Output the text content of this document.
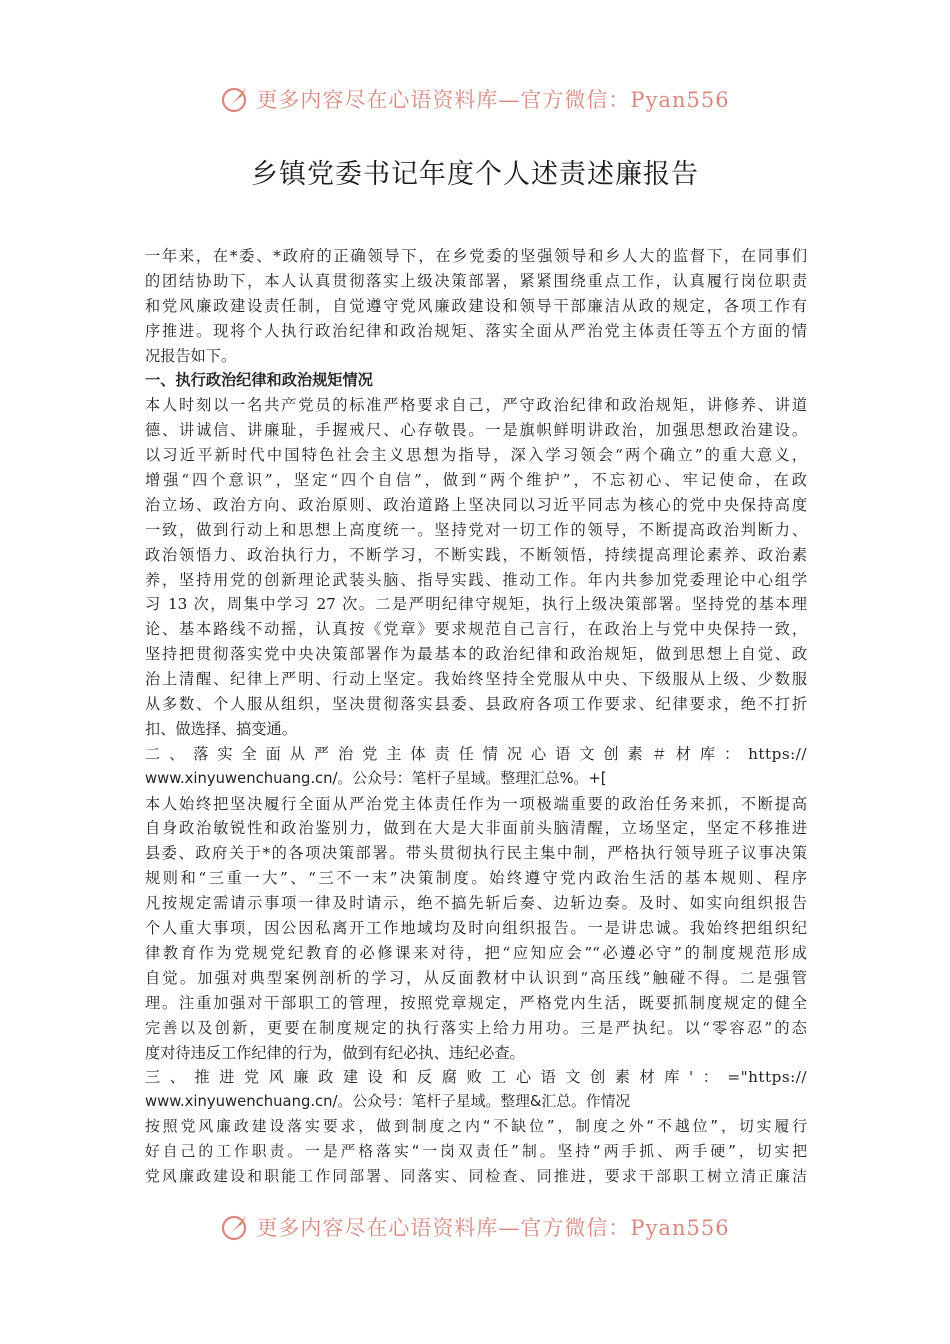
更多内容尽在心语资料库—官方微信：Pyan556
乡镇党委书记年度个人述责述廉报告
一年来，在*委、*政府的正确领导下，在乡党委的坚强领导和乡人大的监督下，在同事们
的团结协助下，本人认真贯彻落实上级决策部署，紧紧围绕重点工作，认真履行岗位职责
和党风廉政建设责任制，自觉遵守党风廉政建设和领导干部廉洁从政的规定，各项工作有
序推进。现将个人执行政治纪律和政治规矩、落实全面从严治党主体责任等五个方面的情
况报告如下。
一、执行政治纪律和政治规矩情况
本人时刻以一名共产党员的标准严格要求自己，严守政治纪律和政治规矩，讲修养、讲道
德、讲诚信、讲廉耻，手握戒尺、心存敬畏。一是旗帜鲜明讲政治，加强思想政治建设。
以习近平新时代中国特色社会主义思想为指导，深入学习领会“两个确立”的重大意义，
增强“四个意识”，坚定“四个自信”，做到“两个维护”，不忘初心、牢记使命，在政
治立场、政治方向、政治原则、政治道路上坚决同以习近平同志为核心的党中央保持高度
一致，做到行动上和思想上高度统一。坚持党对一切工作的领导，不断提高政治判断力、
政治领悟力、政治执行力，不断学习，不断实践，不断领悟，持续提高理论素养、政治素
养，坚持用党的创新理论武装头脑、指导实践、推动工作。年内共参加党委理论中心组学
习 13 次，周集中学习 27 次。二是严明纪律守规矩，执行上级决策部署。坚持党的基本理
论、基本路线不动摇，认真按《党章》要求规范自己言行，在政治上与党中央保持一致，
坚持把贯彻落实党中央决策部署作为最基本的政治纪律和政治规矩，做到思想上自觉、政
治上清醒、纪律上严明、行动上坚定。我始终坚持全党服从中央、下级服从上级、少数服
从多数、个人服从组织，坚决贯彻落实县委、县政府各项工作要求、纪律要求，绝不打折
扣、做选择、搞变通。
二、落实全面从严治党主体责任情况心语文创素＃材库：https://
www.xinyuwenchuang.cn/。公众号：笔杆子星域。整理汇总%。+[
本人始终把坚决履行全面从严治党主体责任作为一项极端重要的政治任务来抓，不断提高
自身政治敏锐性和政治鉴别力，做到在大是大非面前头脑清醒，立场坚定，坚定不移推进
县委、政府关于*的各项决策部署。带头贯彻执行民主集中制，严格执行领导班子议事决策
规则和“三重一大”、“三不一末”决策制度。始终遵守党内政治生活的基本规则、程序
凡按规定需请示事项一律及时请示，绝不搞先斩后奏、边斩边奏。及时、如实向组织报告
个人重大事项，因公因私离开工作地域均及时向组织报告。一是讲忠诚。我始终把组织纪
律教育作为党规党纪教育的必修课来对待，把“应知应会”“必遵必守”的制度规范形成
自觉。加强对典型案例剖析的学习，从反面教材中认识到“高压线”触碰不得。二是强管
理。注重加强对干部职工的管理，按照党章规定，严格党内生活，既要抓制度规定的健全
完善以及创新，更要在制度规定的执行落实上给力用功。三是严执纪。以“零容忍”的态
度对待违反工作纪律的行为，做到有纪必执、违纪必查。
三、推进党风廉政建设和反腐败工心语文创素材库'：="https://
www.xinyuwenchuang.cn/。公众号：笔杆子星域。整理&汇总。作情况
按照党风廉政建设落实要求，做到制度之内“不缺位”，制度之外“不越位”，切实履行
好自己的工作职责。一是严格落实“一岗双责任”制。坚持“两手抓、两手硬”，切实把
党风廉政建设和职能工作同部署、同落实、同检查、同推进，要求干部职工树立清正廉洁
更多内容尽在心语资料库—官方微信：Pyan556
